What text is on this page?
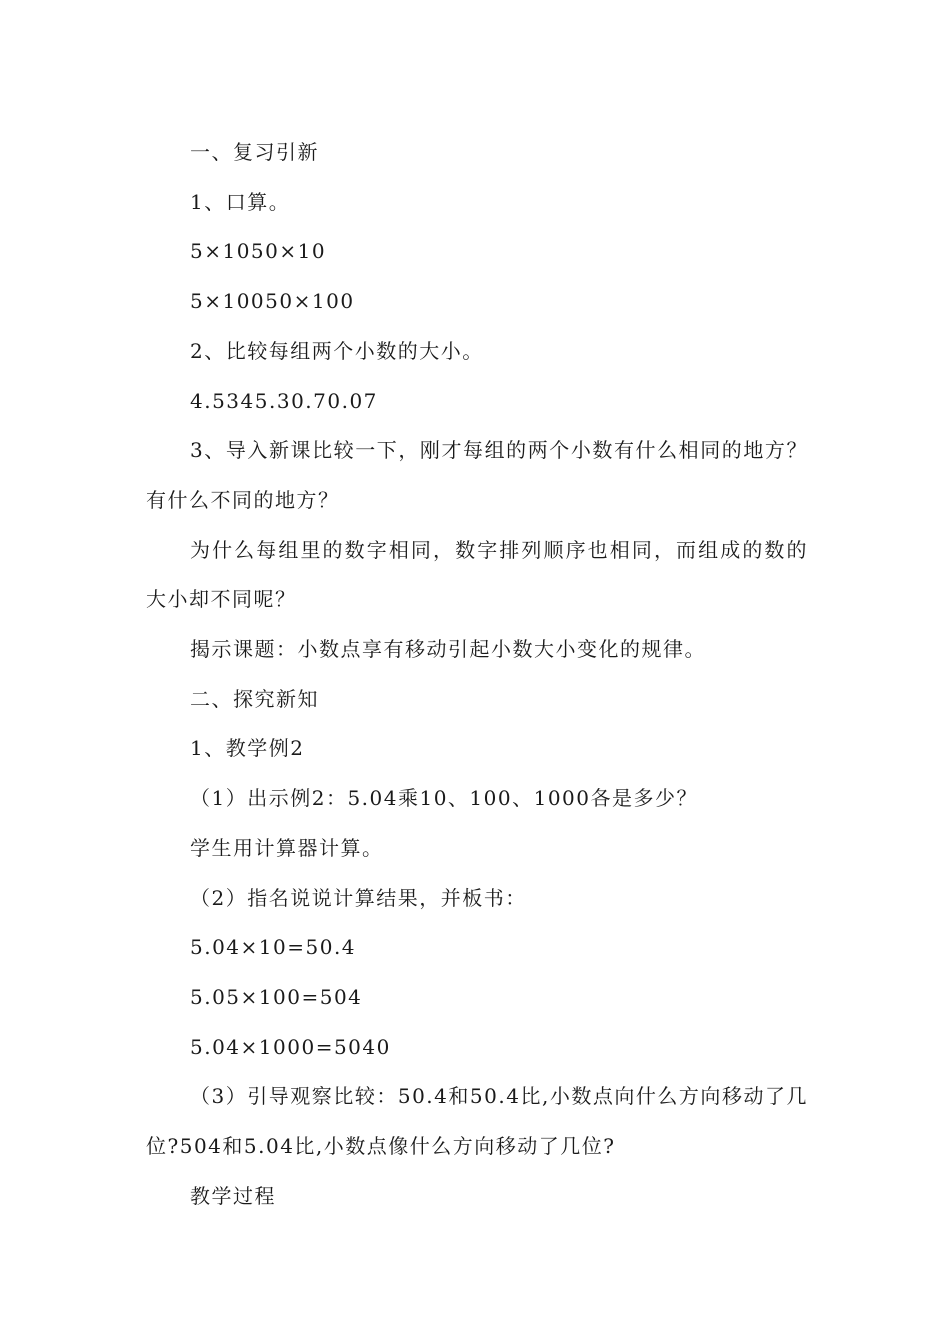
一、复习引新

1、口算。

5×1050×10

5×10050×100

2、比较每组两个小数的大小。

4.5345.30.70.07

3、导入新课比较一下，刚才每组的两个小数有什么相同的地方？有什么不同的地方？

为什么每组里的数字相同，数字排列顺序也相同，而组成的数的大小却不同呢？

揭示课题：小数点享有移动引起小数大小变化的规律。

二、探究新知

1、教学例2

（1）出示例2：5.04乘10、100、1000各是多少？

学生用计算器计算。

（2）指名说说计算结果，并板书：

5.04×10=50.4

5.05×100=504

5.04×1000=5040

（3）引导观察比较：50.4和50.4比,小数点向什么方向移动了几位?504和5.04比,小数点像什么方向移动了几位?

教学过程
